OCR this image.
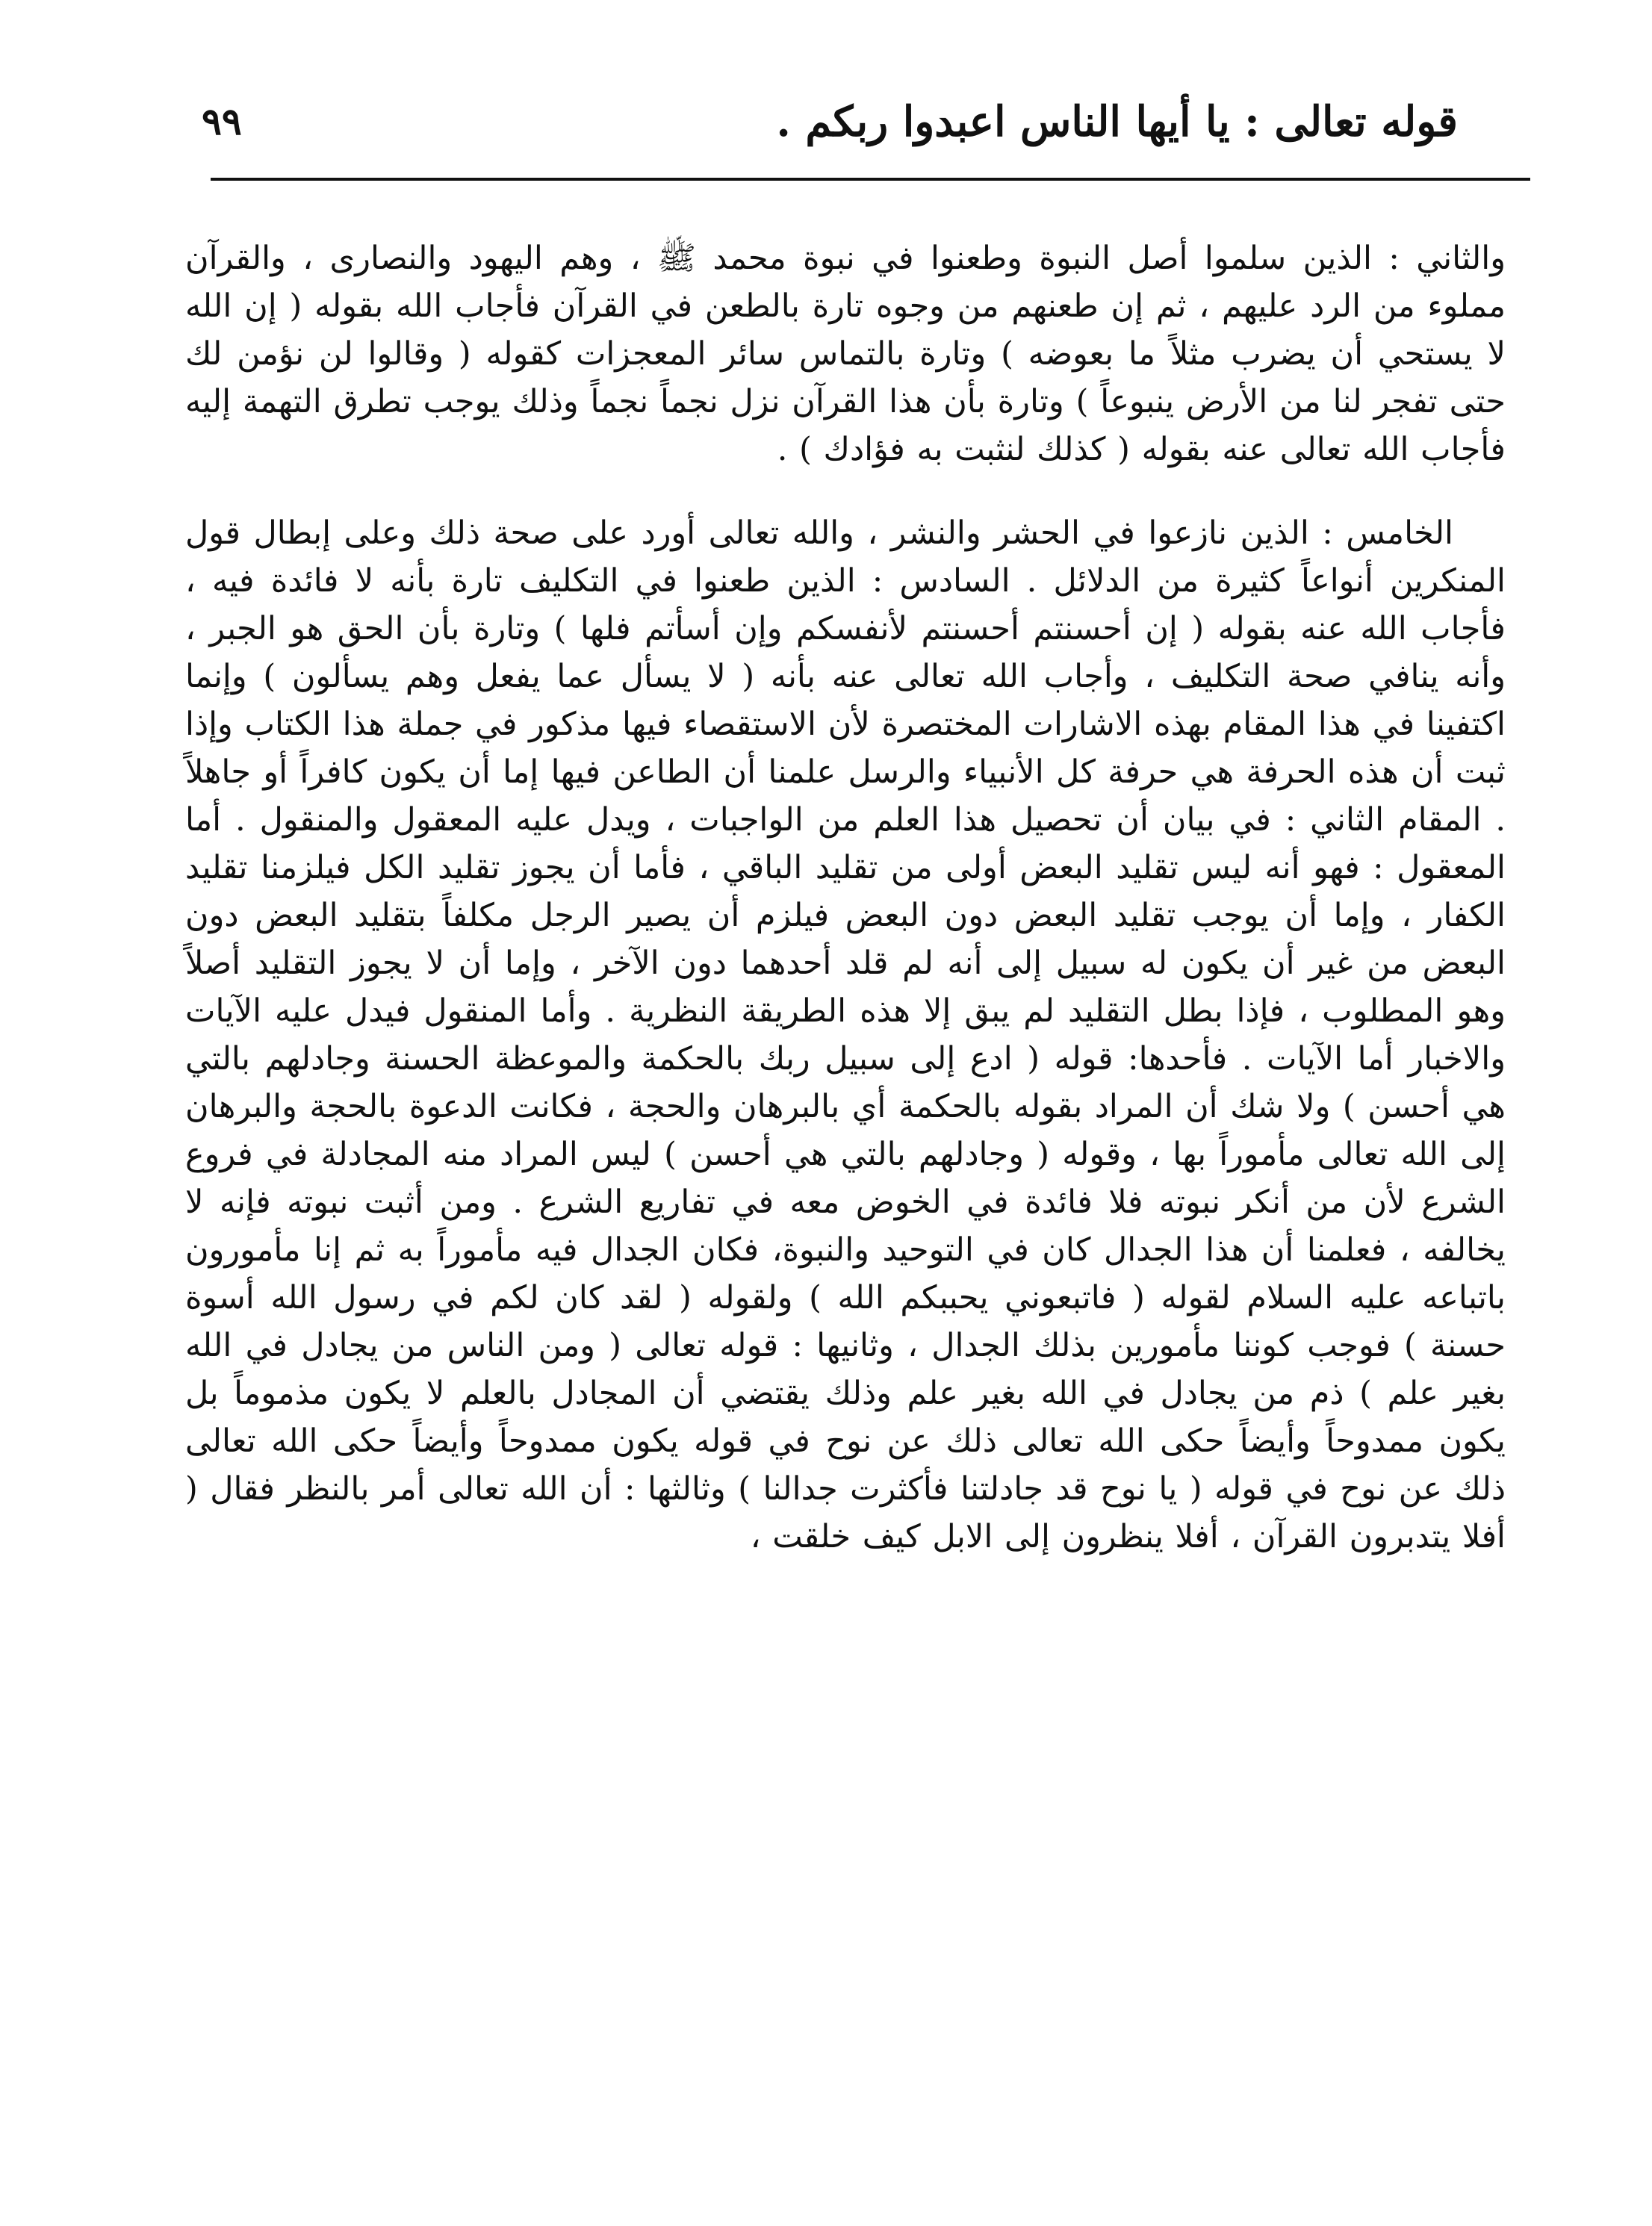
قوله تعالى : يا أيها الناس اعبدوا ربكم .
٩٩

والثاني : الذين سلموا أصل النبوة وطعنوا في نبوة محمد ﷺ ، وهم اليهود والنصارى ، والقرآن مملوء من الرد عليهم ، ثم إن طعنهم من وجوه تارة بالطعن في القرآن فأجاب الله بقوله ( إن الله لا يستحي أن يضرب مثلاً ما بعوضه ) وتارة بالتماس سائر المعجزات كقوله ( وقالوا لن نؤمن لك حتى تفجر لنا من الأرض ينبوعاً ) وتارة بأن هذا القرآن نزل نجماً نجماً وذلك يوجب تطرق التهمة إليه فأجاب الله تعالى عنه بقوله ( كذلك لنثبت به فؤادك ) .

الخامس : الذين نازعوا في الحشر والنشر ، والله تعالى أورد على صحة ذلك وعلى إبطال قول المنكرين أنواعاً كثيرة من الدلائل . السادس : الذين طعنوا في التكليف تارة بأنه لا فائدة فيه ، فأجاب الله عنه بقوله ( إن أحسنتم أحسنتم لأنفسكم وإن أسأتم فلها ) وتارة بأن الحق هو الجبر ، وأنه ينافي صحة التكليف ، وأجاب الله تعالى عنه بأنه ( لا يسأل عما يفعل وهم يسألون ) وإنما اكتفينا في هذا المقام بهذه الاشارات المختصرة لأن الاستقصاء فيها مذكور في جملة هذا الكتاب وإذا ثبت أن هذه الحرفة هي حرفة كل الأنبياء والرسل علمنا أن الطاعن فيها إما أن يكون كافراً أو جاهلاً . المقام الثاني : في بيان أن تحصيل هذا العلم من الواجبات ، ويدل عليه المعقول والمنقول . أما المعقول : فهو أنه ليس تقليد البعض أولى من تقليد الباقي ، فأما أن يجوز تقليد الكل فيلزمنا تقليد الكفار ، وإما أن يوجب تقليد البعض دون البعض فيلزم أن يصير الرجل مكلفاً بتقليد البعض دون البعض من غير أن يكون له سبيل إلى أنه لم قلد أحدهما دون الآخر ، وإما أن لا يجوز التقليد أصلاً وهو المطلوب ، فإذا بطل التقليد لم يبق إلا هذه الطريقة النظرية . وأما المنقول فيدل عليه الآيات والاخبار أما الآيات . فأحدها: قوله ( ادع إلى سبيل ربك بالحكمة والموعظة الحسنة وجادلهم بالتي هي أحسن ) ولا شك أن المراد بقوله بالحكمة أي بالبرهان والحجة ، فكانت الدعوة بالحجة والبرهان إلى الله تعالى مأموراً بها ، وقوله ( وجادلهم بالتي هي أحسن ) ليس المراد منه المجادلة في فروع الشرع لأن من أنكر نبوته فلا فائدة في الخوض معه في تفاريع الشرع . ومن أثبت نبوته فإنه لا يخالفه ، فعلمنا أن هذا الجدال كان في التوحيد والنبوة، فكان الجدال فيه مأموراً به ثم إنا مأمورون باتباعه عليه السلام لقوله ( فاتبعوني يحببكم الله ) ولقوله ( لقد كان لكم في رسول الله أسوة حسنة ) فوجب كوننا مأمورين بذلك الجدال ، وثانيها : قوله تعالى ( ومن الناس من يجادل في الله بغير علم ) ذم من يجادل في الله بغير علم وذلك يقتضي أن المجادل بالعلم لا يكون مذموماً بل يكون ممدوحاً وأيضاً حكى الله تعالى ذلك عن نوح في قوله يكون ممدوحاً وأيضاً حكى الله تعالى ذلك عن نوح في قوله ( يا نوح قد جادلتنا فأكثرت جدالنا ) وثالثها : أن الله تعالى أمر بالنظر فقال ( أفلا يتدبرون القرآن ، أفلا ينظرون إلى الابل كيف خلقت ،
